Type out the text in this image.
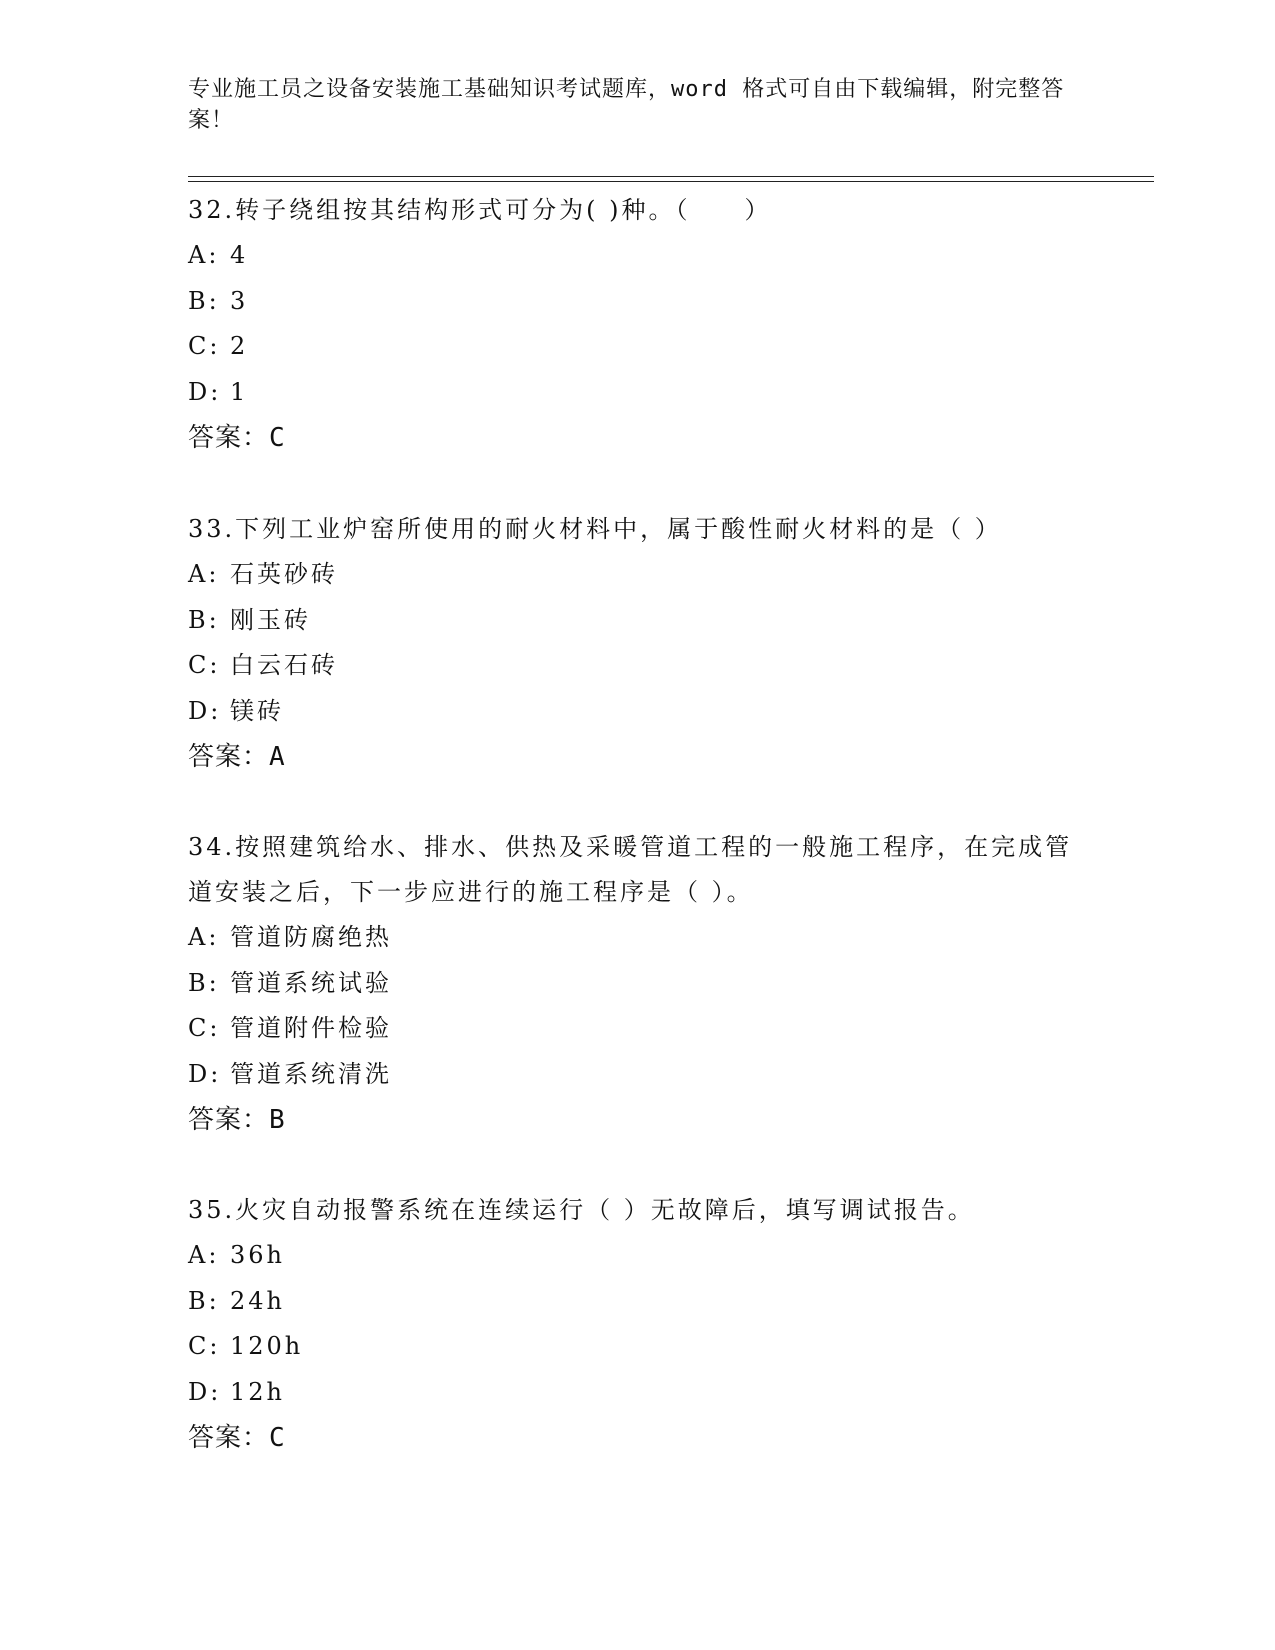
专业施工员之设备安装施工基础知识考试题库，word 格式可自由下载编辑，附完整答案！
32.转子绕组按其结构形式可分为( )种。（　　）
A: 4
B: 3
C: 2
D: 1
答案：C
33.下列工业炉窑所使用的耐火材料中，属于酸性耐火材料的是（ ）
A: 石英砂砖
B: 刚玉砖
C: 白云石砖
D: 镁砖
答案：A
34.按照建筑给水、排水、供热及采暖管道工程的一般施工程序，在完成管道安装之后，下一步应进行的施工程序是（ ）。
A: 管道防腐绝热
B: 管道系统试验
C: 管道附件检验
D: 管道系统清洗
答案：B
35.火灾自动报警系统在连续运行（ ）无故障后，填写调试报告。
A: 36h
B: 24h
C: 120h
D: 12h
答案：C
